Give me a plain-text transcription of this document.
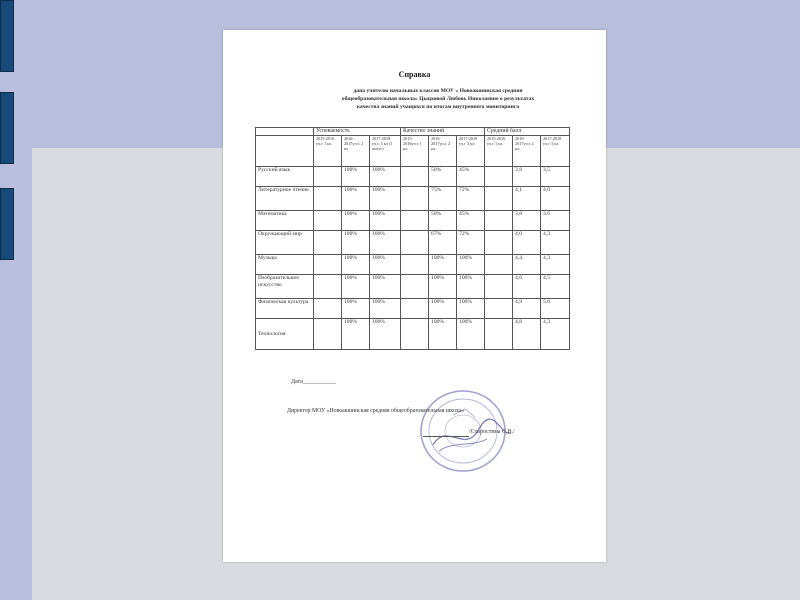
Справка
дана учителю начальных классов МОУ « Новоакшинская средняя
общеобразовательная школа» Цыцховой Любовь Николаевне о результатах
качества знаний учащихся по итогам внутреннего мониторинга
	Успеваемость			Качество знаний			Средний балл		
	2015-2016 уч.г 1 кл.	2016-2017уч.г. 2 кл	2017-2018 уч.г. 3 кл (1 полуг)	2015-2016уч.г 1 кл.	2016-2017уч.г. 2 кл.	2017-2018 уч.г 3 кл.	2015-2016 уч.г 1 кл.	2016-2017уч.г 2 кл.	2017-2018 уч.г 3 кл.
Русский язык		100%	100%		50%	45%		3,8	3,5
Литературное чтение		100%	100%		75%	72%		4,1	4,0
Математика		100%	100%		50%	45%		3,8	3.6
Окружающий мир		100%	100%		67%	72%		4,0	4,3
Музыка		100%	100%		100%	100%		4,4	4,3
Изобразительное искусство		100%	100%		100%	100%		4,6	4,5
Физическая культура		100%	100%		100%	100%		4,9	5.0
Технология		100%	100%		100%	100%		4,8	4,3
Дата___________
Директор МОУ «Новоакшинская средняя общеобразовательная школа»
/Старостина С.В./
